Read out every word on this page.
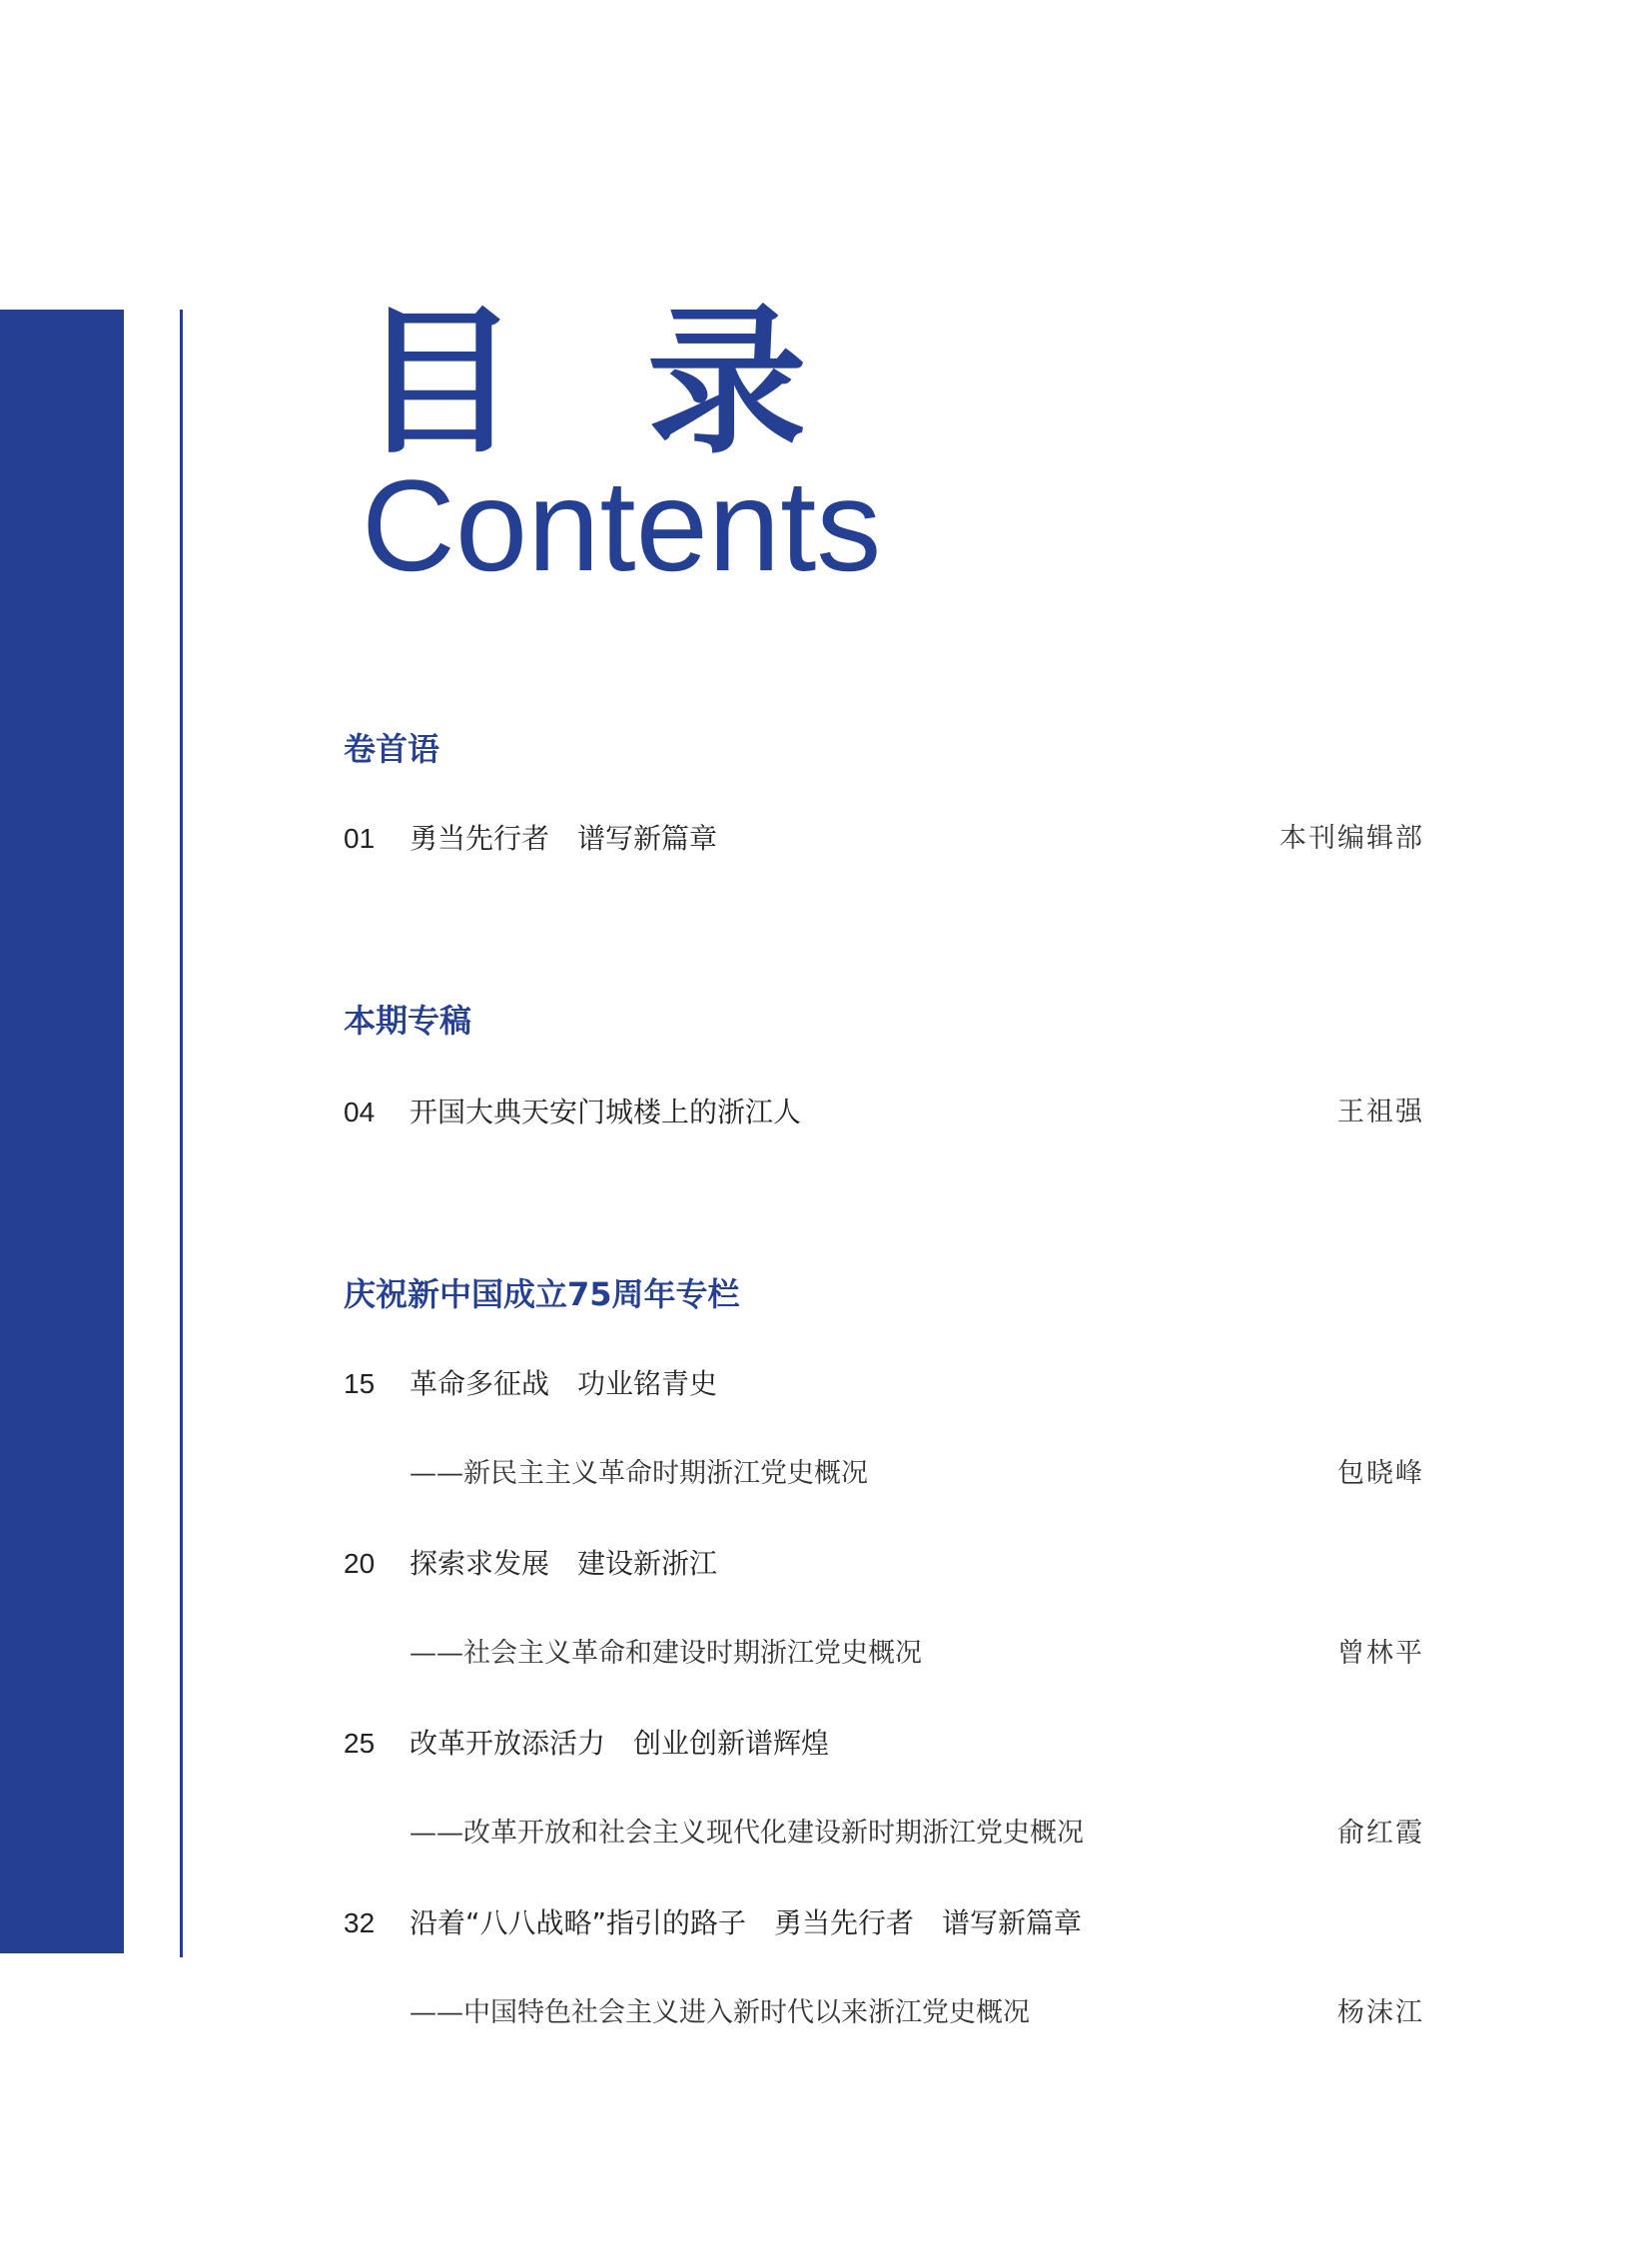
目 录
Contents
卷首语
01 勇当先行者　谱写新篇章	本刊编辑部
本期专稿
04 开国大典天安门城楼上的浙江人	王祖强
庆祝新中国成立75周年专栏
15 革命多征战　功业铭青史
——新民主主义革命时期浙江党史概况	包晓峰
20 探索求发展　建设新浙江
——社会主义革命和建设时期浙江党史概况	曾林平
25 改革开放添活力　创业创新谱辉煌
——改革开放和社会主义现代化建设新时期浙江党史概况	俞红霞
32 沿着“八八战略”指引的路子　勇当先行者　谱写新篇章
——中国特色社会主义进入新时代以来浙江党史概况	杨沫江
